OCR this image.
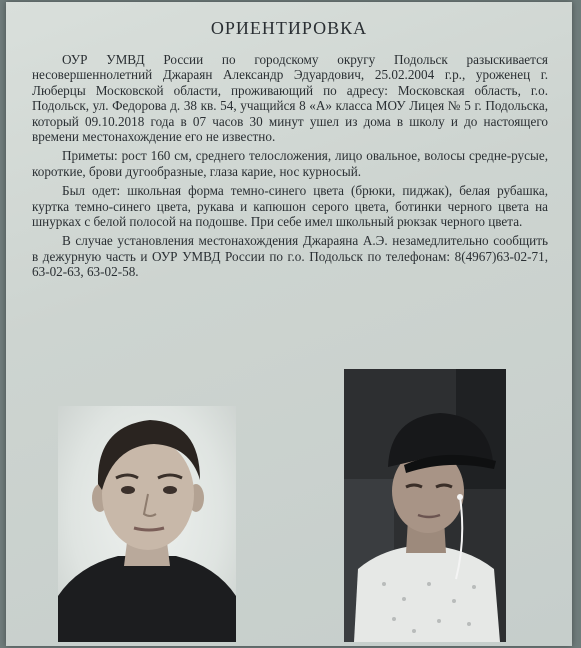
ОРИЕНТИРОВКА

ОУР УМВД России по городскому округу Подольск разыскивается несовершеннолетний Джараян Александр Эдуардович, 25.02.2004 г.р., уроженец г. Люберцы Московской области, проживающий по адресу: Московская область, г.о. Подольск, ул. Федорова д. 38 кв. 54, учащийся 8 «А» класса МОУ Лицея № 5 г. Подольска, который 09.10.2018 года в 07 часов 30 минут ушел из дома в школу и до настоящего времени местонахождение его не известно.

Приметы: рост 160 см, среднего телосложения, лицо овальное, волосы средне-русые, короткие, брови дугообразные, глаза карие, нос курносый.

Был одет: школьная форма темно-синего цвета (брюки, пиджак), белая рубашка, куртка темно-синего цвета, рукава и капюшон серого цвета, ботинки черного цвета на шнурках с белой полосой на подошве. При себе имел школьный рюкзак черного цвета.

В случае установления местонахождения Джараяна А.Э. незамедлительно сообщить в дежурную часть и ОУР УМВД России по г.о. Подольск по телефонам: 8(4967)63-02-71, 63-02-63, 63-02-58.
